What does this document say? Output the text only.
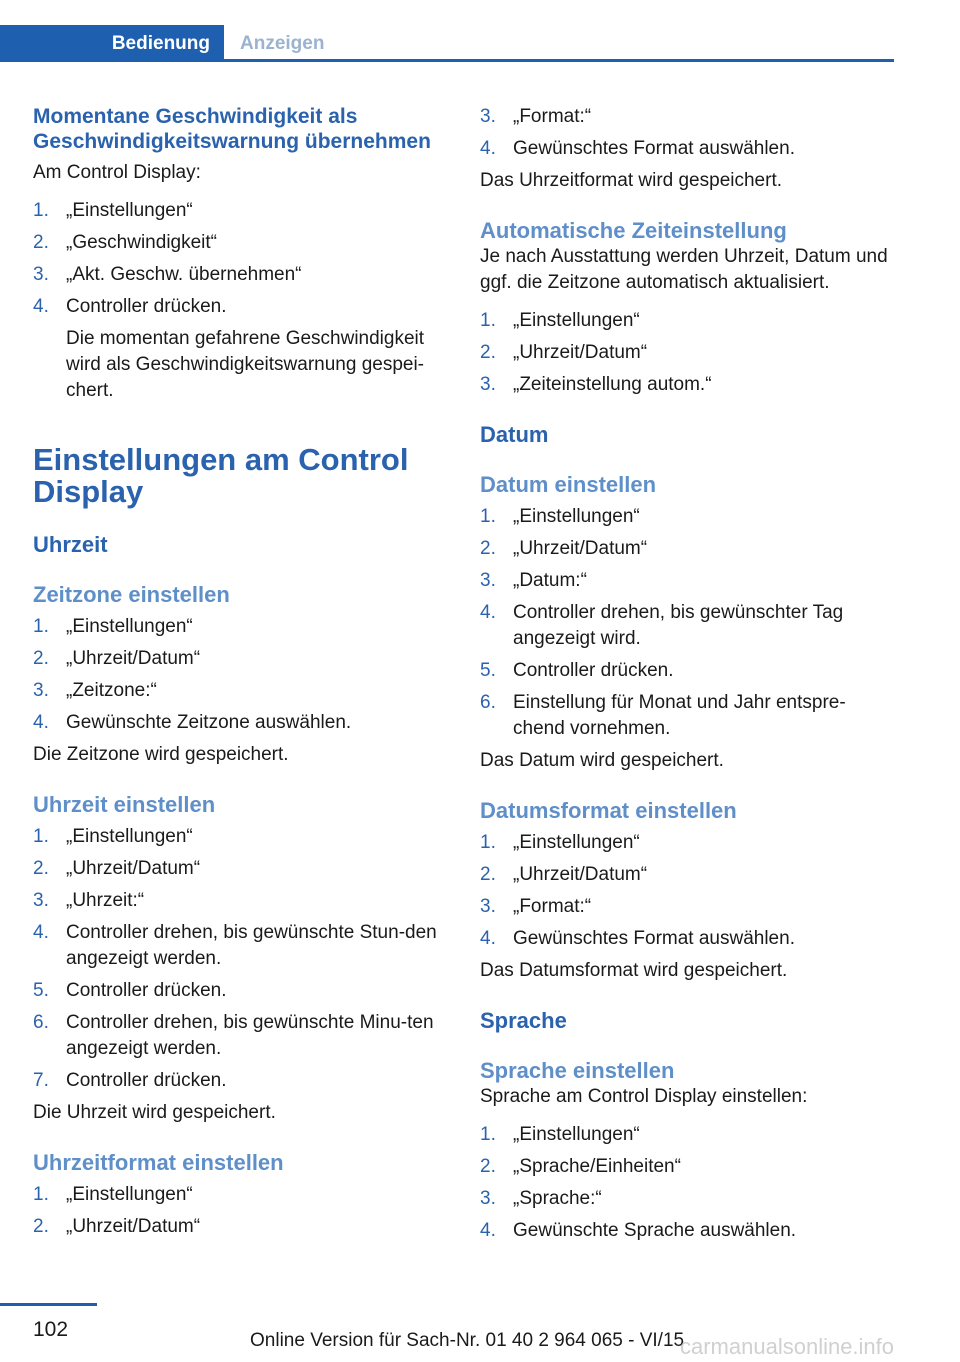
Bedienung	Anzeigen
Momentane Geschwindigkeit als Geschwindigkeitswarnung übernehmen

Am Control Display:

1. „Einstellungen“
2. „Geschwindigkeit“
3. „Akt. Geschw. übernehmen“
4. Controller drücken.
Die momentan gefahrene Geschwindigkeit wird als Geschwindigkeitswarnung gespei-chert.
Einstellungen am Control Display
Uhrzeit
Zeitzone einstellen
1. „Einstellungen“
2. „Uhrzeit/Datum“
3. „Zeitzone:“
4. Gewünschte Zeitzone auswählen.

Die Zeitzone wird gespeichert.

Uhrzeit einstellen
1. „Einstellungen“
2. „Uhrzeit/Datum“
3. „Uhrzeit:“
4. Controller drehen, bis gewünschte Stun-den angezeigt werden.
5. Controller drücken.
6. Controller drehen, bis gewünschte Minu-ten angezeigt werden.
7. Controller drücken.

Die Uhrzeit wird gespeichert.

Uhrzeitformat einstellen
1. „Einstellungen“
2. „Uhrzeit/Datum“
3. „Format:“
4. Gewünschtes Format auswählen.

Das Uhrzeitformat wird gespeichert.

Automatische Zeiteinstellung

Je nach Ausstattung werden Uhrzeit, Datum und ggf. die Zeitzone automatisch aktualisiert.

1. „Einstellungen“
2. „Uhrzeit/Datum“
3. „Zeiteinstellung autom.“
Datum
Datum einstellen
1. „Einstellungen“
2. „Uhrzeit/Datum“
3. „Datum:“
4. Controller drehen, bis gewünschter Tag angezeigt wird.
5. Controller drücken.
6. Einstellung für Monat und Jahr entspre-chend vornehmen.

Das Datum wird gespeichert.

Datumsformat einstellen
1. „Einstellungen“
2. „Uhrzeit/Datum“
3. „Format:“
4. Gewünschtes Format auswählen.

Das Datumsformat wird gespeichert.

Sprache
Sprache einstellen

Sprache am Control Display einstellen:

1. „Einstellungen“
2. „Sprache/Einheiten“
3. „Sprache:“
4. Gewünschte Sprache auswählen.
102	Online Version für Sach-Nr. 01 40 2 964 065 - VI/15
carmanualsonline.info
